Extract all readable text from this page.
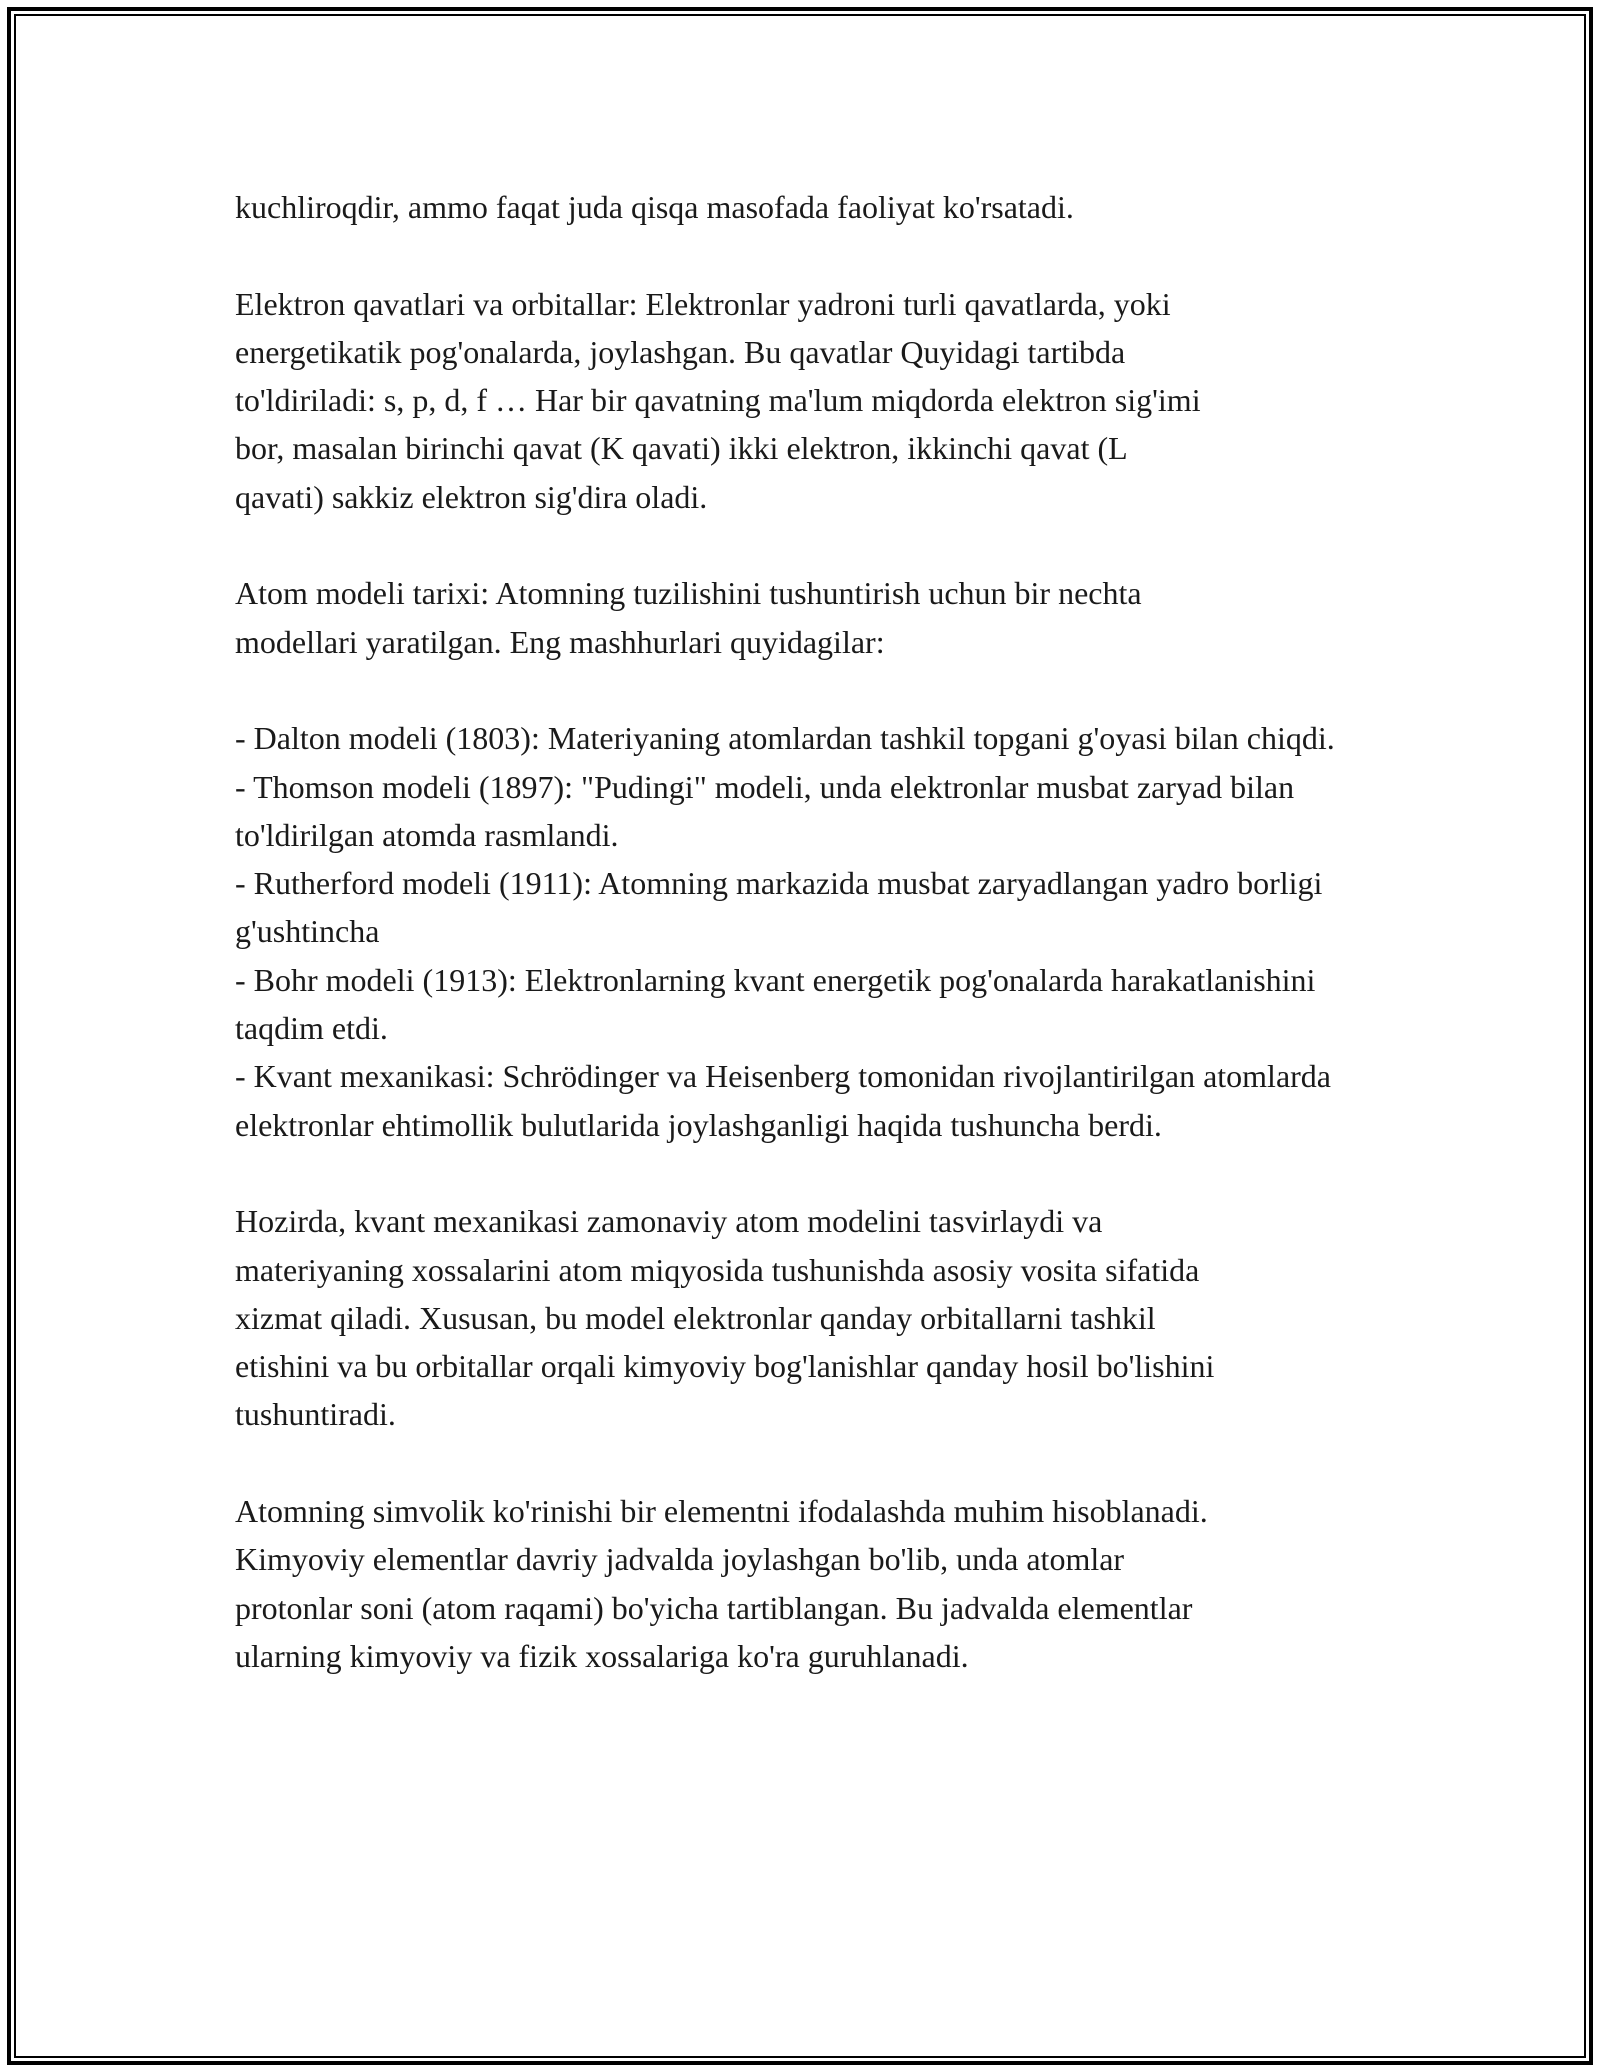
kuchliroqdir, ammo faqat juda qisqa masofada faoliyat ko'rsatadi.

Elektron qavatlari va orbitallar: Elektronlar yadroni turli qavatlarda, yoki
energetikatik pog'onalarda, joylashgan. Bu qavatlar Quyidagi tartibda
to'ldiriladi: s, p, d, f … Har bir qavatning ma'lum miqdorda elektron sig'imi
bor, masalan birinchi qavat (K qavati) ikki elektron, ikkinchi qavat (L
qavati) sakkiz elektron sig'dira oladi.

Atom modeli tarixi: Atomning tuzilishini tushuntirish uchun bir nechta
modellari yaratilgan. Eng mashhurlari quyidagilar:

- Dalton modeli (1803): Materiyaning atomlardan tashkil topgani g'oyasi bilan chiqdi.
- Thomson modeli (1897): "Pudingi" modeli, unda elektronlar musbat zaryad bilan to'ldirilgan atomda rasmlandi.
- Rutherford modeli (1911): Atomning markazida musbat zaryadlangan yadro borligi g'ushtincha
- Bohr modeli (1913): Elektronlarning kvant energetik pog'onalarda harakatlanishini taqdim etdi.
- Kvant mexanikasi: Schrödinger va Heisenberg tomonidan rivojlantirilgan atomlarda elektronlar ehtimollik bulutlarida joylashganligi haqida tushuncha berdi.

Hozirda, kvant mexanikasi zamonaviy atom modelini tasvirlaydi va
materiyaning xossalarini atom miqyosida tushunishda asosiy vosita sifatida
xizmat qiladi. Xususan, bu model elektronlar qanday orbitallarni tashkil
etishini va bu orbitallar orqali kimyoviy bog'lanishlar qanday hosil bo'lishini
tushuntiradi.

Atomning simvolik ko'rinishi bir elementni ifodalashda muhim hisoblanadi.
Kimyoviy elementlar davriy jadvalda joylashgan bo'lib, unda atomlar
protonlar soni (atom raqami) bo'yicha tartiblangan. Bu jadvalda elementlar
ularning kimyoviy va fizik xossalariga ko'ra guruhlanadi.
